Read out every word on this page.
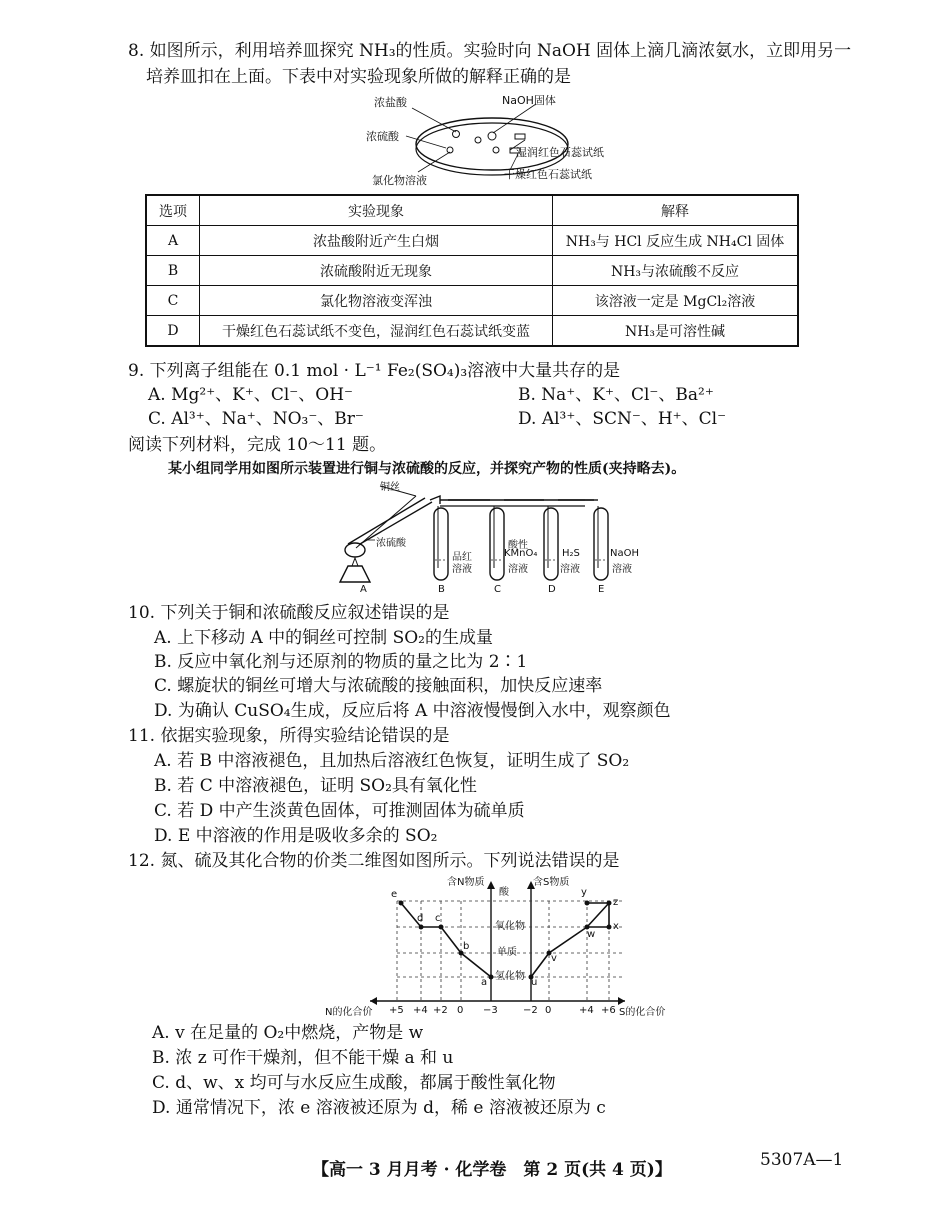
8. 如图所示，利用培养皿探究 NH₃的性质。实验时向 NaOH 固体上滴几滴浓氨水，立即用另一
培养皿扣在上面。下表中对实验现象所做的解释正确的是
浓盐酸	NaOH固体
浓硫酸
湿润红色石蕊试纸
氯化物溶液	干燥红色石蕊试纸
选项	实验现象	解释
A	浓盐酸附近产生白烟	NH₃与 HCl 反应生成 NH₄Cl 固体
B	浓硫酸附近无现象	NH₃与浓硫酸不反应
C	氯化物溶液变浑浊	该溶液一定是 MgCl₂溶液
D	干燥红色石蕊试纸不变色，湿润红色石蕊试纸变蓝	NH₃是可溶性碱
9. 下列离子组能在 0.1 mol · L⁻¹ Fe₂(SO₄)₃溶液中大量共存的是
A. Mg²⁺、K⁺、Cl⁻、OH⁻	B. Na⁺、K⁺、Cl⁻、Ba²⁺
C. Al³⁺、Na⁺、NO₃⁻、Br⁻	D. Al³⁺、SCN⁻、H⁺、Cl⁻
阅读下列材料，完成 10～11 题。
某小组同学用如图所示装置进行铜与浓硫酸的反应，并探究产物的性质(夹持略去)。
铜丝
浓硫酸
品红
溶液
酸性
KMnO₄
溶液
H₂S
溶液
NaOH
溶液
A	B	C	D	E
10. 下列关于铜和浓硫酸反应叙述错误的是
A. 上下移动 A 中的铜丝可控制 SO₂的生成量
B. 反应中氧化剂与还原剂的物质的量之比为 2∶1
C. 螺旋状的铜丝可增大与浓硫酸的接触面积，加快反应速率
D. 为确认 CuSO₄生成，反应后将 A 中溶液慢慢倒入水中，观察颜色
11. 依据实验现象，所得实验结论错误的是
A. 若 B 中溶液褪色，且加热后溶液红色恢复，证明生成了 SO₂
B. 若 C 中溶液褪色，证明 SO₂具有氧化性
C. 若 D 中产生淡黄色固体，可推测固体为硫单质
D. E 中溶液的作用是吸收多余的 SO₂
12. 氮、硫及其化合物的价类二维图如图所示。下列说法错误的是
含N物质	含S物质
酸
氧化物
单质
氢化物
e
d c
b
a	u
v
w
x
y
z
+5 +4 +2 0 −3	−2 0	+4 +6
N的化合价	S的化合价
A. v 在足量的 O₂中燃烧，产物是 w
B. 浓 z 可作干燥剂，但不能干燥 a 和 u
C. d、w、x 均可与水反应生成酸，都属于酸性氧化物
D. 通常情况下，浓 e 溶液被还原为 d，稀 e 溶液被还原为 c
【高一 3 月月考 · 化学卷　第 2 页(共 4 页)】	5307A—1
